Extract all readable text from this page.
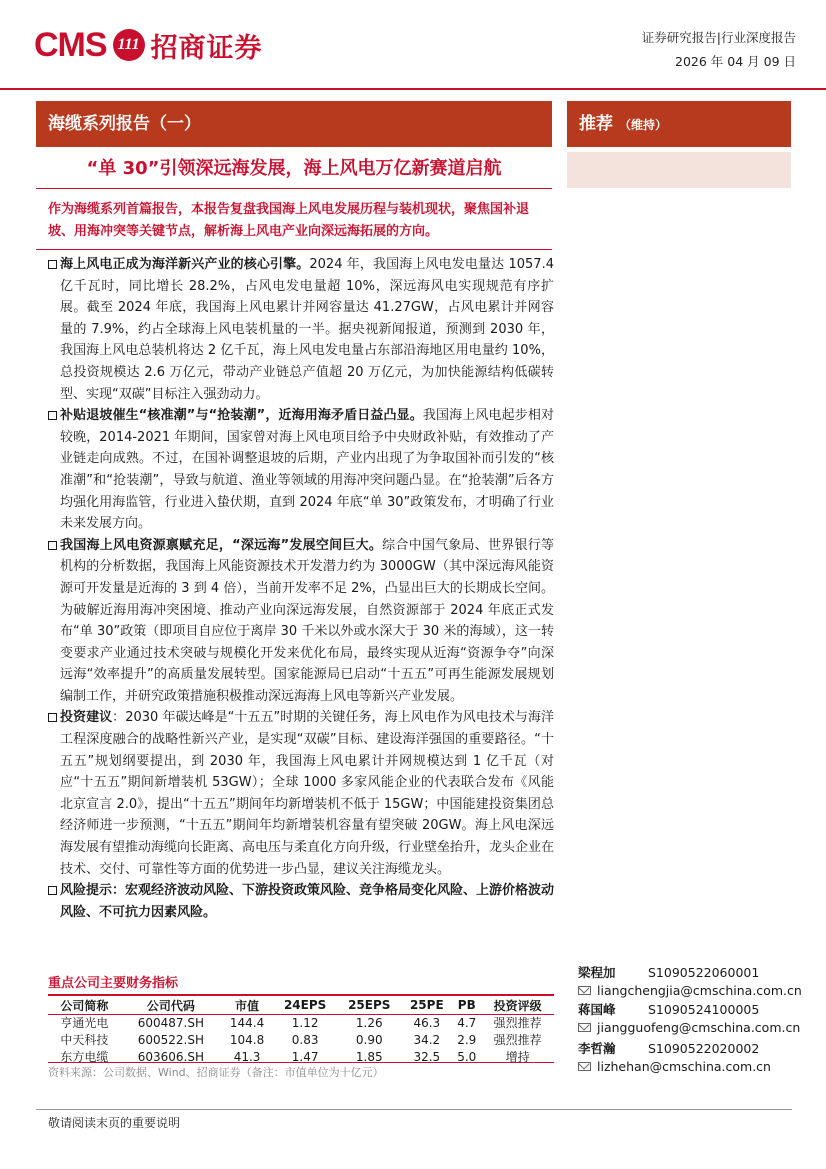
CMS 111 招商证券	证券研究报告|行业深度报告
2026 年 04 月 09 日
海缆系列报告（一）
“单 30”引领深远海发展，海上风电万亿新赛道启航
作为海缆系列首篇报告，本报告复盘我国海上风电发展历程与装机现状，聚焦国补退坡、用海冲突等关键节点，解析海上风电产业向深远海拓展的方向。
海上风电正成为海洋新兴产业的核心引擎。2024 年，我国海上风电发电量达 1057.4 亿千瓦时，同比增长 28.2%，占风电发电量超 10%，深远海风电实现规范有序扩展。截至 2024 年底，我国海上风电累计并网容量达 41.27GW，占风电累计并网容量的 7.9%，约占全球海上风电装机量的一半。据央视新闻报道，预测到 2030 年，我国海上风电总装机将达 2 亿千瓦，海上风电发电量占东部沿海地区用电量约 10%，总投资规模达 2.6 万亿元，带动产业链总产值超 20 万亿元，为加快能源结构低碳转型、实现“双碳”目标注入强劲动力。
补贴退坡催生“核准潮”与“抢装潮”，近海用海矛盾日益凸显。我国海上风电起步相对较晚，2014-2021 年期间，国家曾对海上风电项目给予中央财政补贴，有效推动了产业链走向成熟。不过，在国补调整退坡的后期，产业内出现了为争取国补而引发的“核准潮”和“抢装潮”，导致与航道、渔业等领域的用海冲突问题凸显。在“抢装潮”后各方均强化用海监管，行业进入蛰伏期，直到 2024 年底“单 30”政策发布，才明确了行业未来发展方向。
我国海上风电资源禀赋充足，“深远海”发展空间巨大。综合中国气象局、世界银行等机构的分析数据，我国海上风能资源技术开发潜力约为 3000GW（其中深远海风能资源可开发量是近海的 3 到 4 倍），当前开发率不足 2%，凸显出巨大的长期成长空间。为破解近海用海冲突困境、推动产业向深远海发展，自然资源部于 2024 年底正式发布“单 30”政策（即项目自应位于离岸 30 千米以外或水深大于 30 米的海域），这一转变要求产业通过技术突破与规模化开发来优化布局，最终实现从近海“资源争夺”向深远海“效率提升”的高质量发展转型。国家能源局已启动“十五五”可再生能源发展规划编制工作，并研究政策措施积极推动深远海海上风电等新兴产业发展。
投资建议：2030 年碳达峰是“十五五”时期的关键任务，海上风电作为风电技术与海洋工程深度融合的战略性新兴产业，是实现“双碳”目标、建设海洋强国的重要路径。“十五五”规划纲要提出，到 2030 年，我国海上风电累计并网规模达到 1 亿千瓦（对应“十五五”期间新增装机 53GW）；全球 1000 多家风能企业的代表联合发布《风能北京宣言 2.0》，提出“十五五”期间年均新增装机不低于 15GW；中国能建投资集团总经济师进一步预测，“十五五”期间年均新增装机容量有望突破 20GW。海上风电深远海发展有望推动海缆向长距离、高电压与柔直化方向升级，行业壁垒抬升，龙头企业在技术、交付、可靠性等方面的优势进一步凸显，建议关注海缆龙头。
风险提示：宏观经济波动风险、下游投资政策风险、竞争格局变化风险、上游价格波动风险、不可抗力因素风险。
推荐 （维持）
梁程加	S1090522060001
liangchengjia@cmschina.com.cn
蒋国峰	S1090524100005
jiangguofeng@cmschina.com.cn
李哲瀚	S1090522020002
lizhehan@cmschina.com.cn
重点公司主要财务指标
公司简称	公司代码	市值	24EPS	25EPS	25PE	PB	投资评级
亨通光电	600487.SH	144.4	1.12	1.26	46.3	4.7	强烈推荐
中天科技	600522.SH	104.8	0.83	0.90	34.2	2.9	强烈推荐
东方电缆	603606.SH	41.3	1.47	1.85	32.5	5.0	增持
资料来源：公司数据、Wind、招商证券（备注：市值单位为十亿元）
敬请阅读末页的重要说明
